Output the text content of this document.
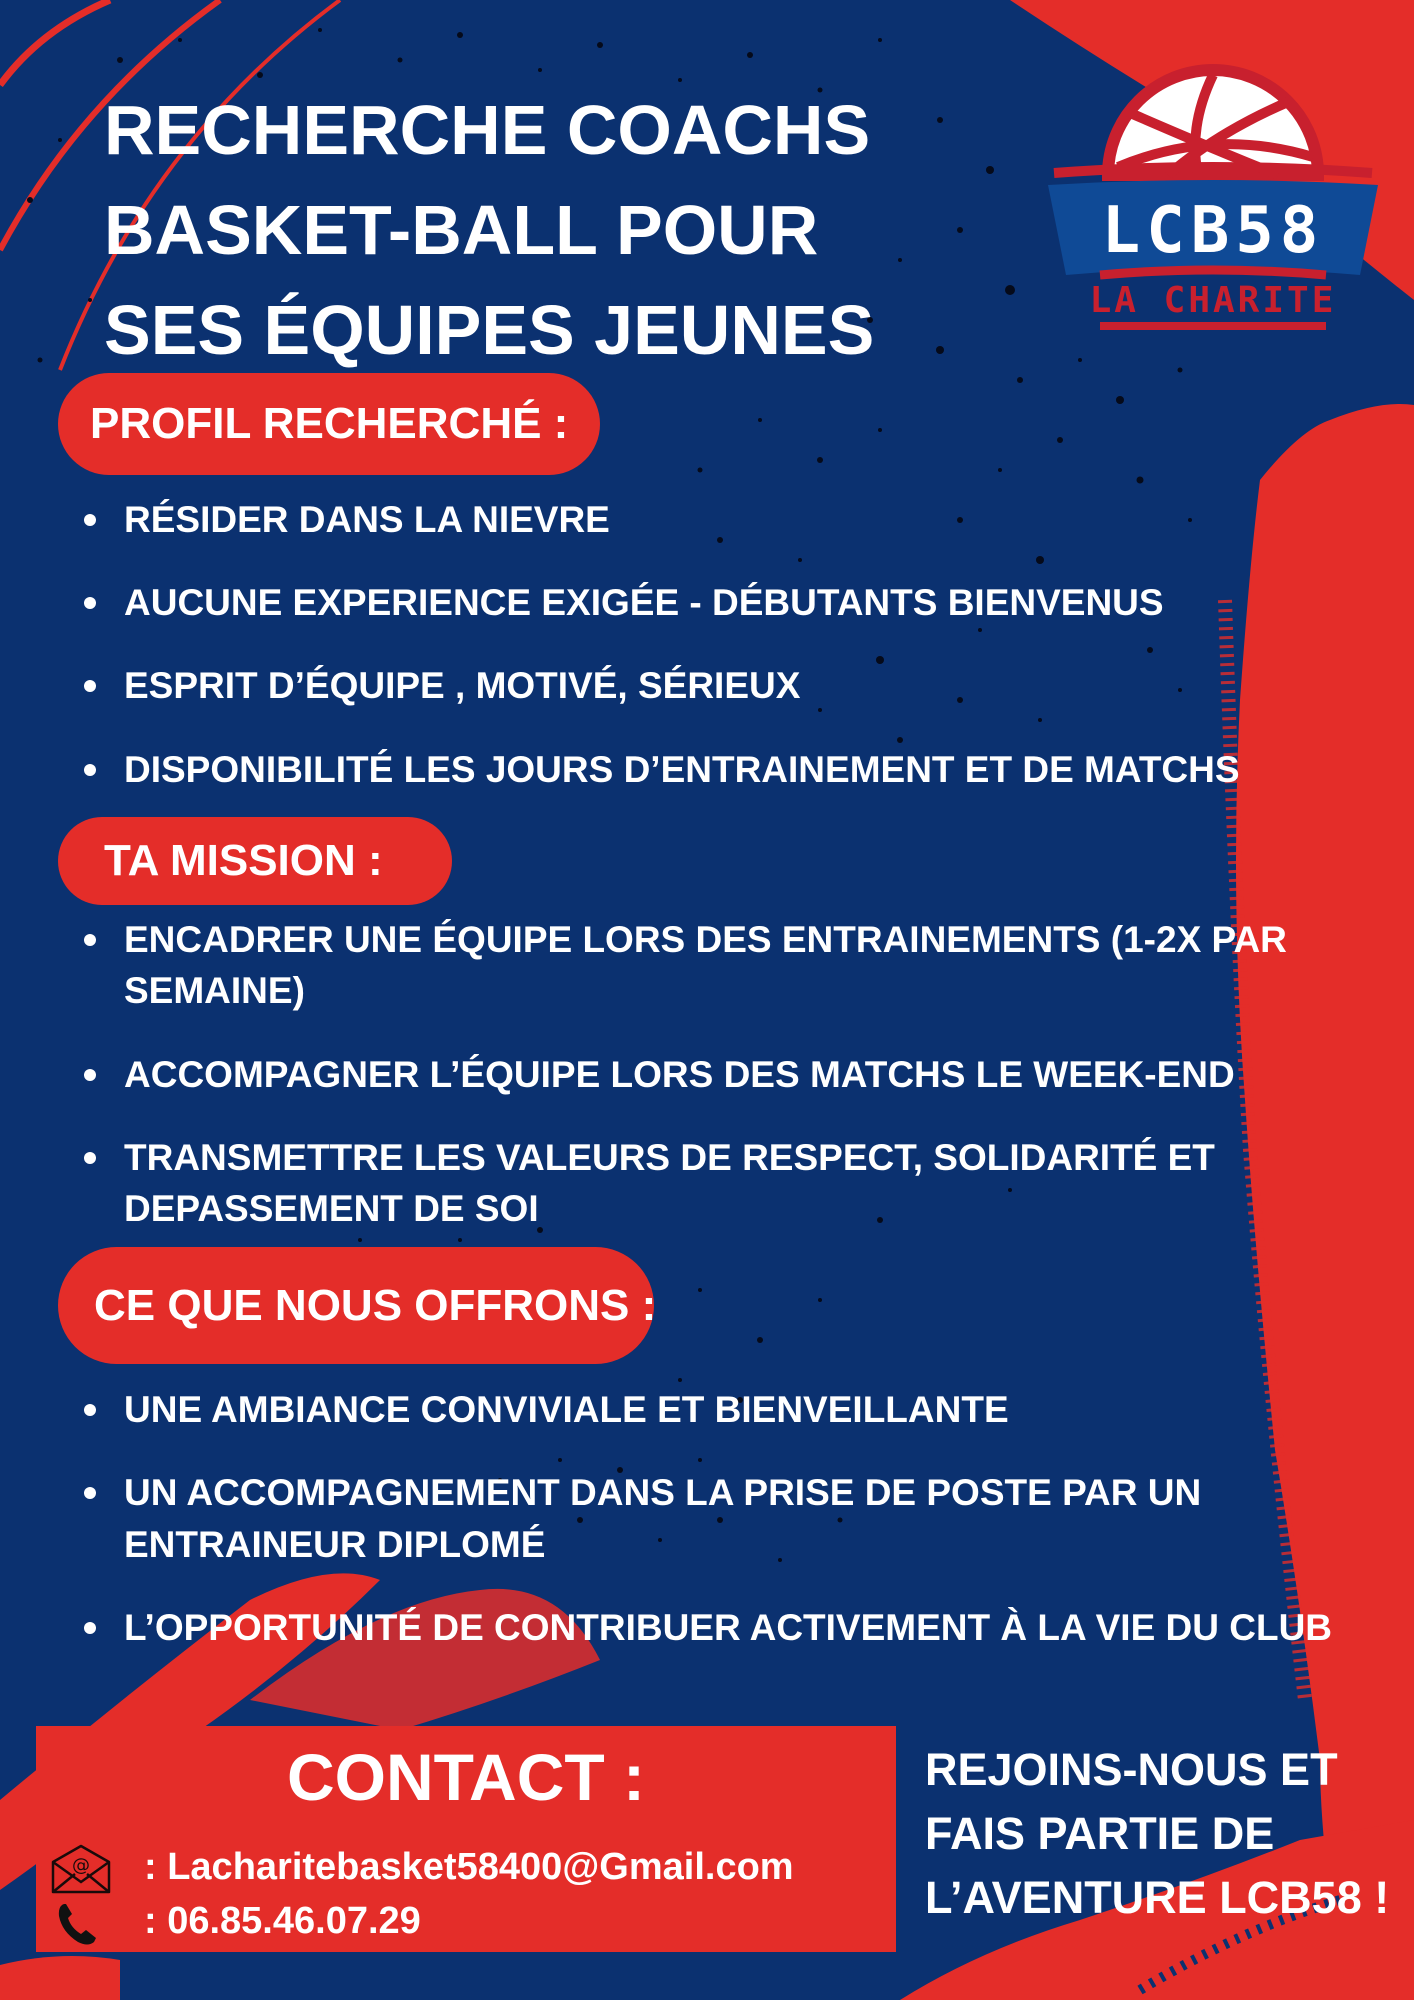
RECHERCHE COACHS
BASKET-BALL POUR
SES ÉQUIPES JEUNES
LCB58
LA CHARITE
PROFIL RECHERCHÉ :
RÉSIDER DANS LA NIEVRE
AUCUNE EXPERIENCE EXIGÉE - DÉBUTANTS BIENVENUS
ESPRIT D’ÉQUIPE , MOTIVÉ, SÉRIEUX
DISPONIBILITÉ LES JOURS D’ENTRAINEMENT ET DE MATCHS
TA MISSION :
ENCADRER UNE ÉQUIPE LORS DES ENTRAINEMENTS (1-2X PAR
SEMAINE)
ACCOMPAGNER L’ÉQUIPE LORS DES MATCHS LE WEEK-END
TRANSMETTRE LES VALEURS DE RESPECT, SOLIDARITÉ ET
DEPASSEMENT DE SOI
CE QUE NOUS OFFRONS :
UNE AMBIANCE CONVIVIALE ET BIENVEILLANTE
UN ACCOMPAGNEMENT DANS LA PRISE DE POSTE PAR UN
ENTRAINEUR DIPLOMÉ
L’OPPORTUNITÉ DE CONTRIBUER ACTIVEMENT À LA VIE DU CLUB
CONTACT :
@ : Lacharitebasket58400@Gmail.com
: 06.85.46.07.29
REJOINS-NOUS ET
FAIS PARTIE DE
L’AVENTURE LCB58 !
